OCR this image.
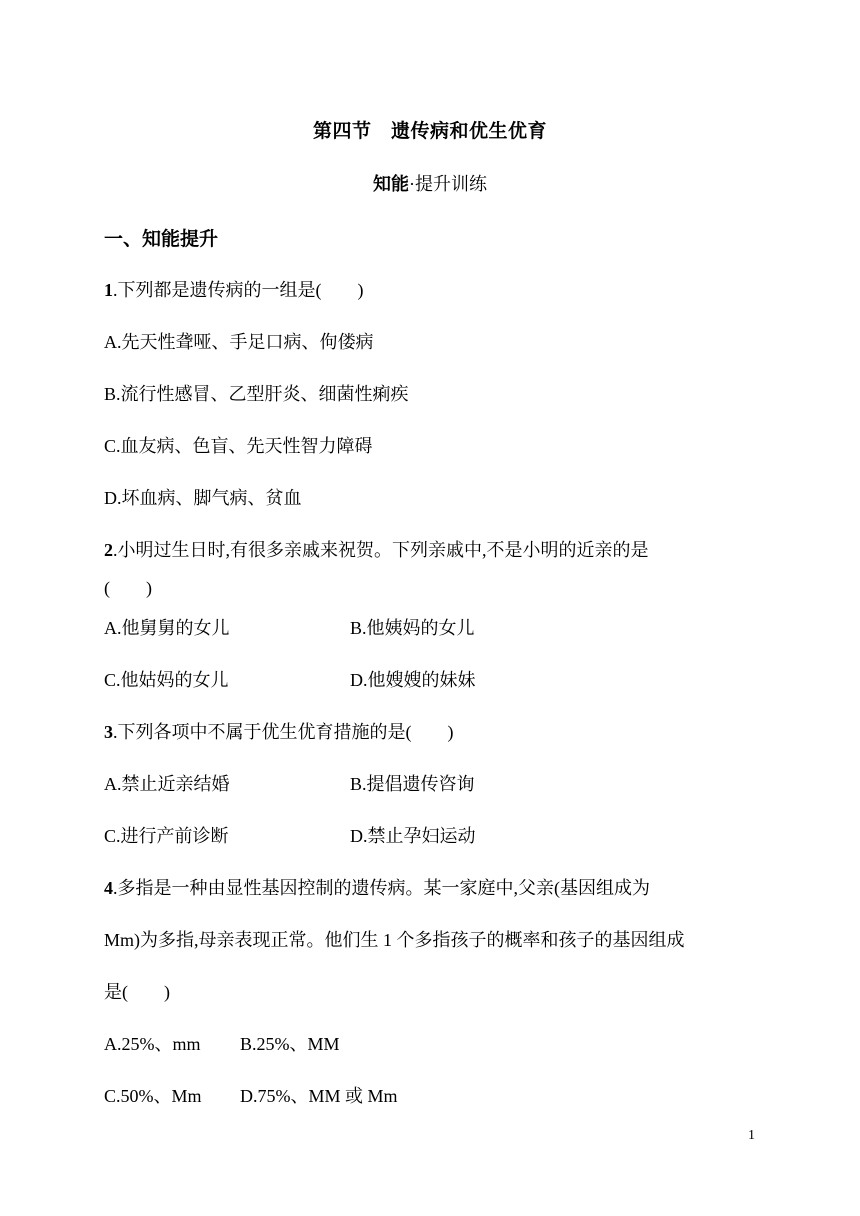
第四节　遗传病和优生优育
知能·提升训练
一、知能提升
1.下列都是遗传病的一组是(　　)
A.先天性聋哑、手足口病、佝偻病
B.流行性感冒、乙型肝炎、细菌性痢疾
C.血友病、色盲、先天性智力障碍
D.坏血病、脚气病、贫血
2.小明过生日时,有很多亲戚来祝贺。下列亲戚中,不是小明的近亲的是
(　　)
A.他舅舅的女儿	B.他姨妈的女儿
C.他姑妈的女儿	D.他嫂嫂的妹妹
3.下列各项中不属于优生优育措施的是(　　)
A.禁止近亲结婚	B.提倡遗传咨询
C.进行产前诊断	D.禁止孕妇运动
4.多指是一种由显性基因控制的遗传病。某一家庭中,父亲(基因组成为
Mm)为多指,母亲表现正常。他们生 1 个多指孩子的概率和孩子的基因组成
是(　　)
A.25%、mm B.25%、MM
C.50%、Mm D.75%、MM 或 Mm
1
